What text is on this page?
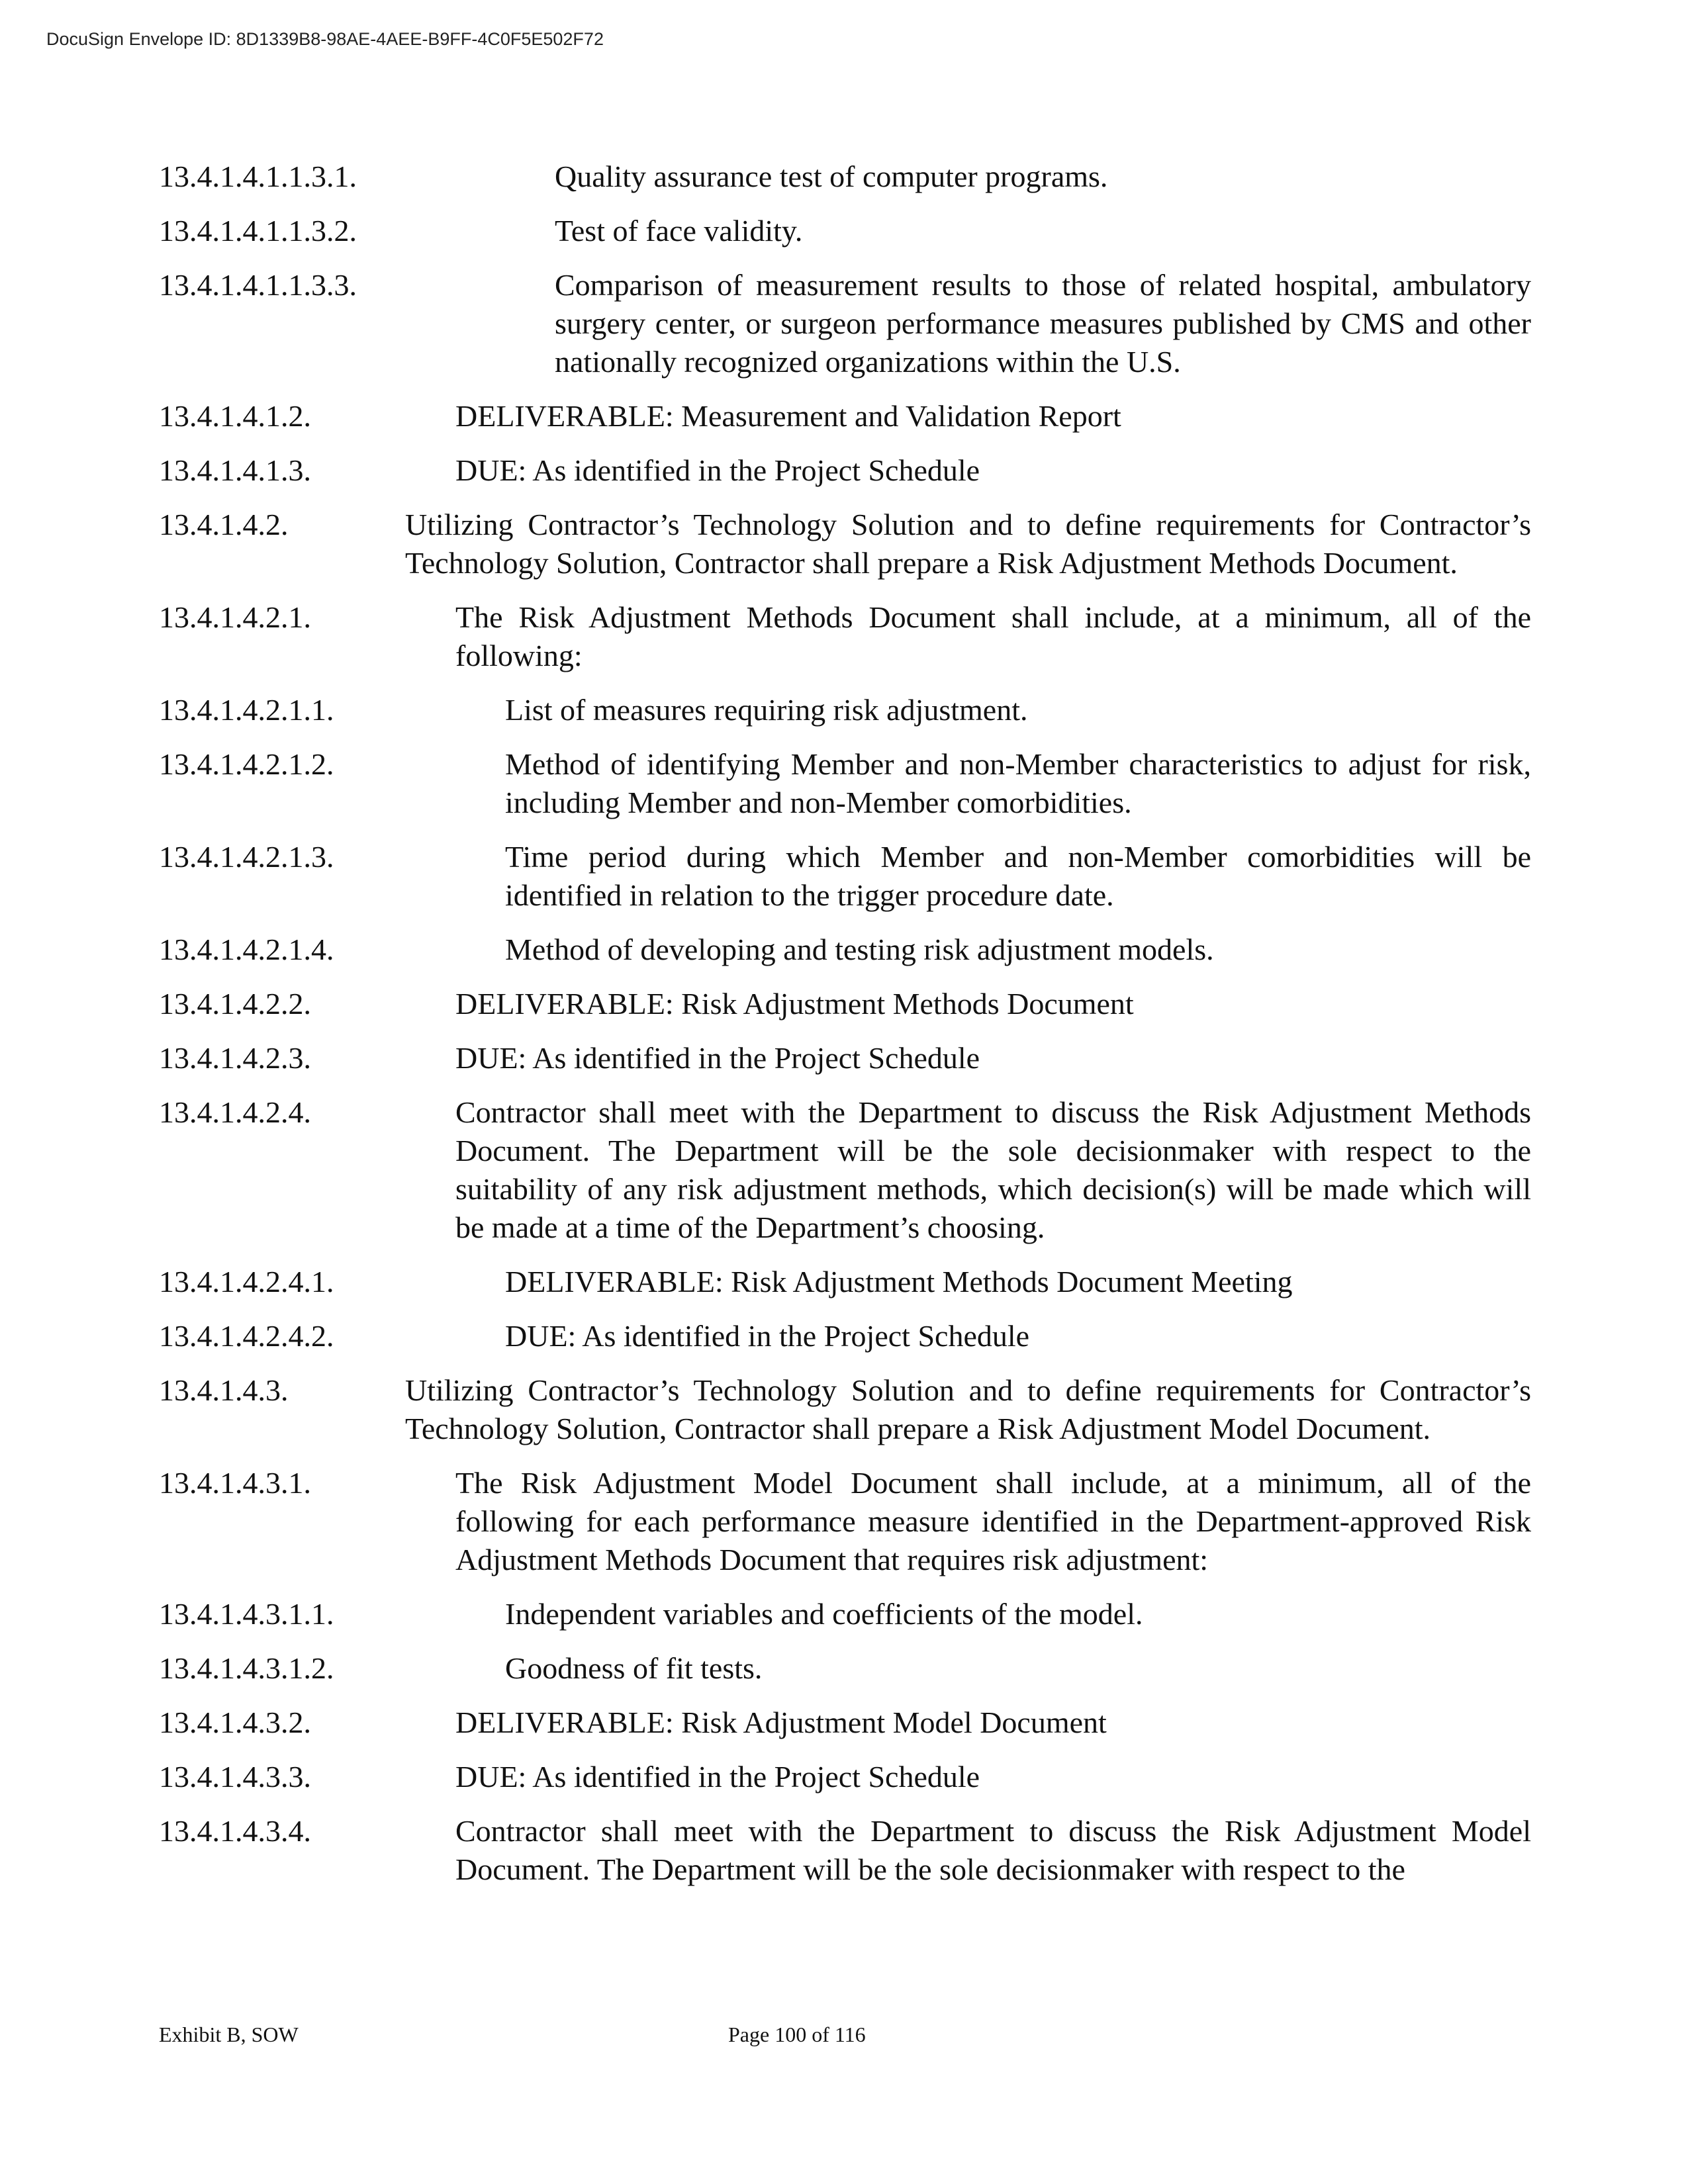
DocuSign Envelope ID: 8D1339B8-98AE-4AEE-B9FF-4C0F5E502F72
13.4.1.4.1.1.3.1.	Quality assurance test of computer programs.
13.4.1.4.1.1.3.2.	Test of face validity.
13.4.1.4.1.1.3.3.	Comparison of measurement results to those of related hospital, ambulatory surgery center, or surgeon performance measures published by CMS and other nationally recognized organizations within the U.S.
13.4.1.4.1.2.	DELIVERABLE: Measurement and Validation Report
13.4.1.4.1.3.	DUE: As identified in the Project Schedule
13.4.1.4.2.	Utilizing Contractor’s Technology Solution and to define requirements for Contractor’s Technology Solution, Contractor shall prepare a Risk Adjustment Methods Document.
13.4.1.4.2.1.	The Risk Adjustment Methods Document shall include, at a minimum, all of the following:
13.4.1.4.2.1.1.	List of measures requiring risk adjustment.
13.4.1.4.2.1.2.	Method of identifying Member and non-Member characteristics to adjust for risk, including Member and non-Member comorbidities.
13.4.1.4.2.1.3.	Time period during which Member and non-Member comorbidities will be identified in relation to the trigger procedure date.
13.4.1.4.2.1.4.	Method of developing and testing risk adjustment models.
13.4.1.4.2.2.	DELIVERABLE: Risk Adjustment Methods Document
13.4.1.4.2.3.	DUE: As identified in the Project Schedule
13.4.1.4.2.4.	Contractor shall meet with the Department to discuss the Risk Adjustment Methods Document. The Department will be the sole decisionmaker with respect to the suitability of any risk adjustment methods, which decision(s) will be made which will be made at a time of the Department’s choosing.
13.4.1.4.2.4.1.	DELIVERABLE: Risk Adjustment Methods Document Meeting
13.4.1.4.2.4.2.	DUE: As identified in the Project Schedule
13.4.1.4.3.	Utilizing Contractor’s Technology Solution and to define requirements for Contractor’s Technology Solution, Contractor shall prepare a Risk Adjustment Model Document.
13.4.1.4.3.1.	The Risk Adjustment Model Document shall include, at a minimum, all of the following for each performance measure identified in the Department-approved Risk Adjustment Methods Document that requires risk adjustment:
13.4.1.4.3.1.1.	Independent variables and coefficients of the model.
13.4.1.4.3.1.2.	Goodness of fit tests.
13.4.1.4.3.2.	DELIVERABLE: Risk Adjustment Model Document
13.4.1.4.3.3.	DUE: As identified in the Project Schedule
13.4.1.4.3.4.	Contractor shall meet with the Department to discuss the Risk Adjustment Model Document. The Department will be the sole decisionmaker with respect to the
Exhibit B, SOW	Page 100 of 116
